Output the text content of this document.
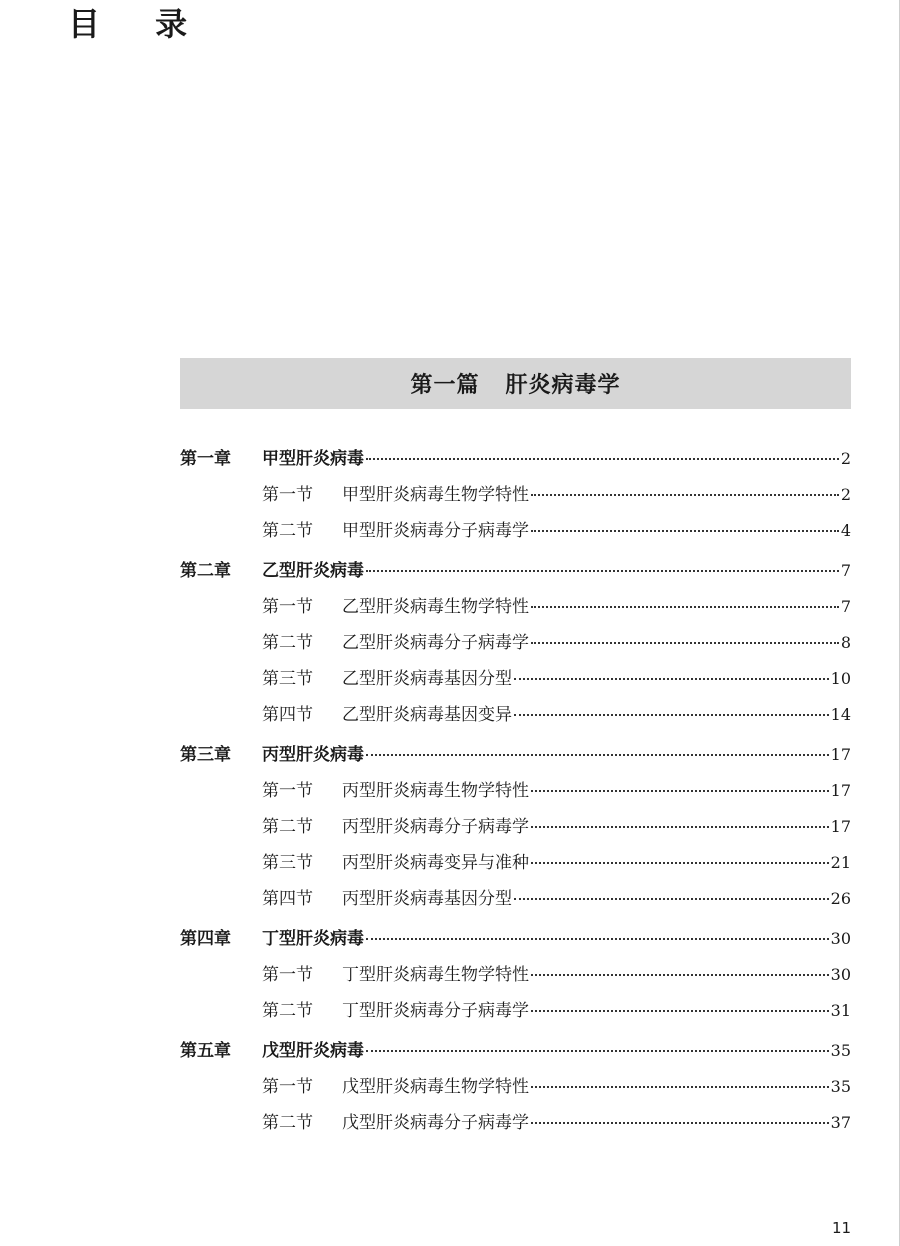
目 录
第一篇 肝炎病毒学
第一章	甲型肝炎病毒	2
第一节	甲型肝炎病毒生物学特性	2
第二节	甲型肝炎病毒分子病毒学	4
第二章	乙型肝炎病毒	7
第一节	乙型肝炎病毒生物学特性	7
第二节	乙型肝炎病毒分子病毒学	8
第三节	乙型肝炎病毒基因分型	10
第四节	乙型肝炎病毒基因变异	14
第三章	丙型肝炎病毒	17
第一节	丙型肝炎病毒生物学特性	17
第二节	丙型肝炎病毒分子病毒学	17
第三节	丙型肝炎病毒变异与准种	21
第四节	丙型肝炎病毒基因分型	26
第四章	丁型肝炎病毒	30
第一节	丁型肝炎病毒生物学特性	30
第二节	丁型肝炎病毒分子病毒学	31
第五章	戊型肝炎病毒	35
第一节	戊型肝炎病毒生物学特性	35
第二节	戊型肝炎病毒分子病毒学	37
11
